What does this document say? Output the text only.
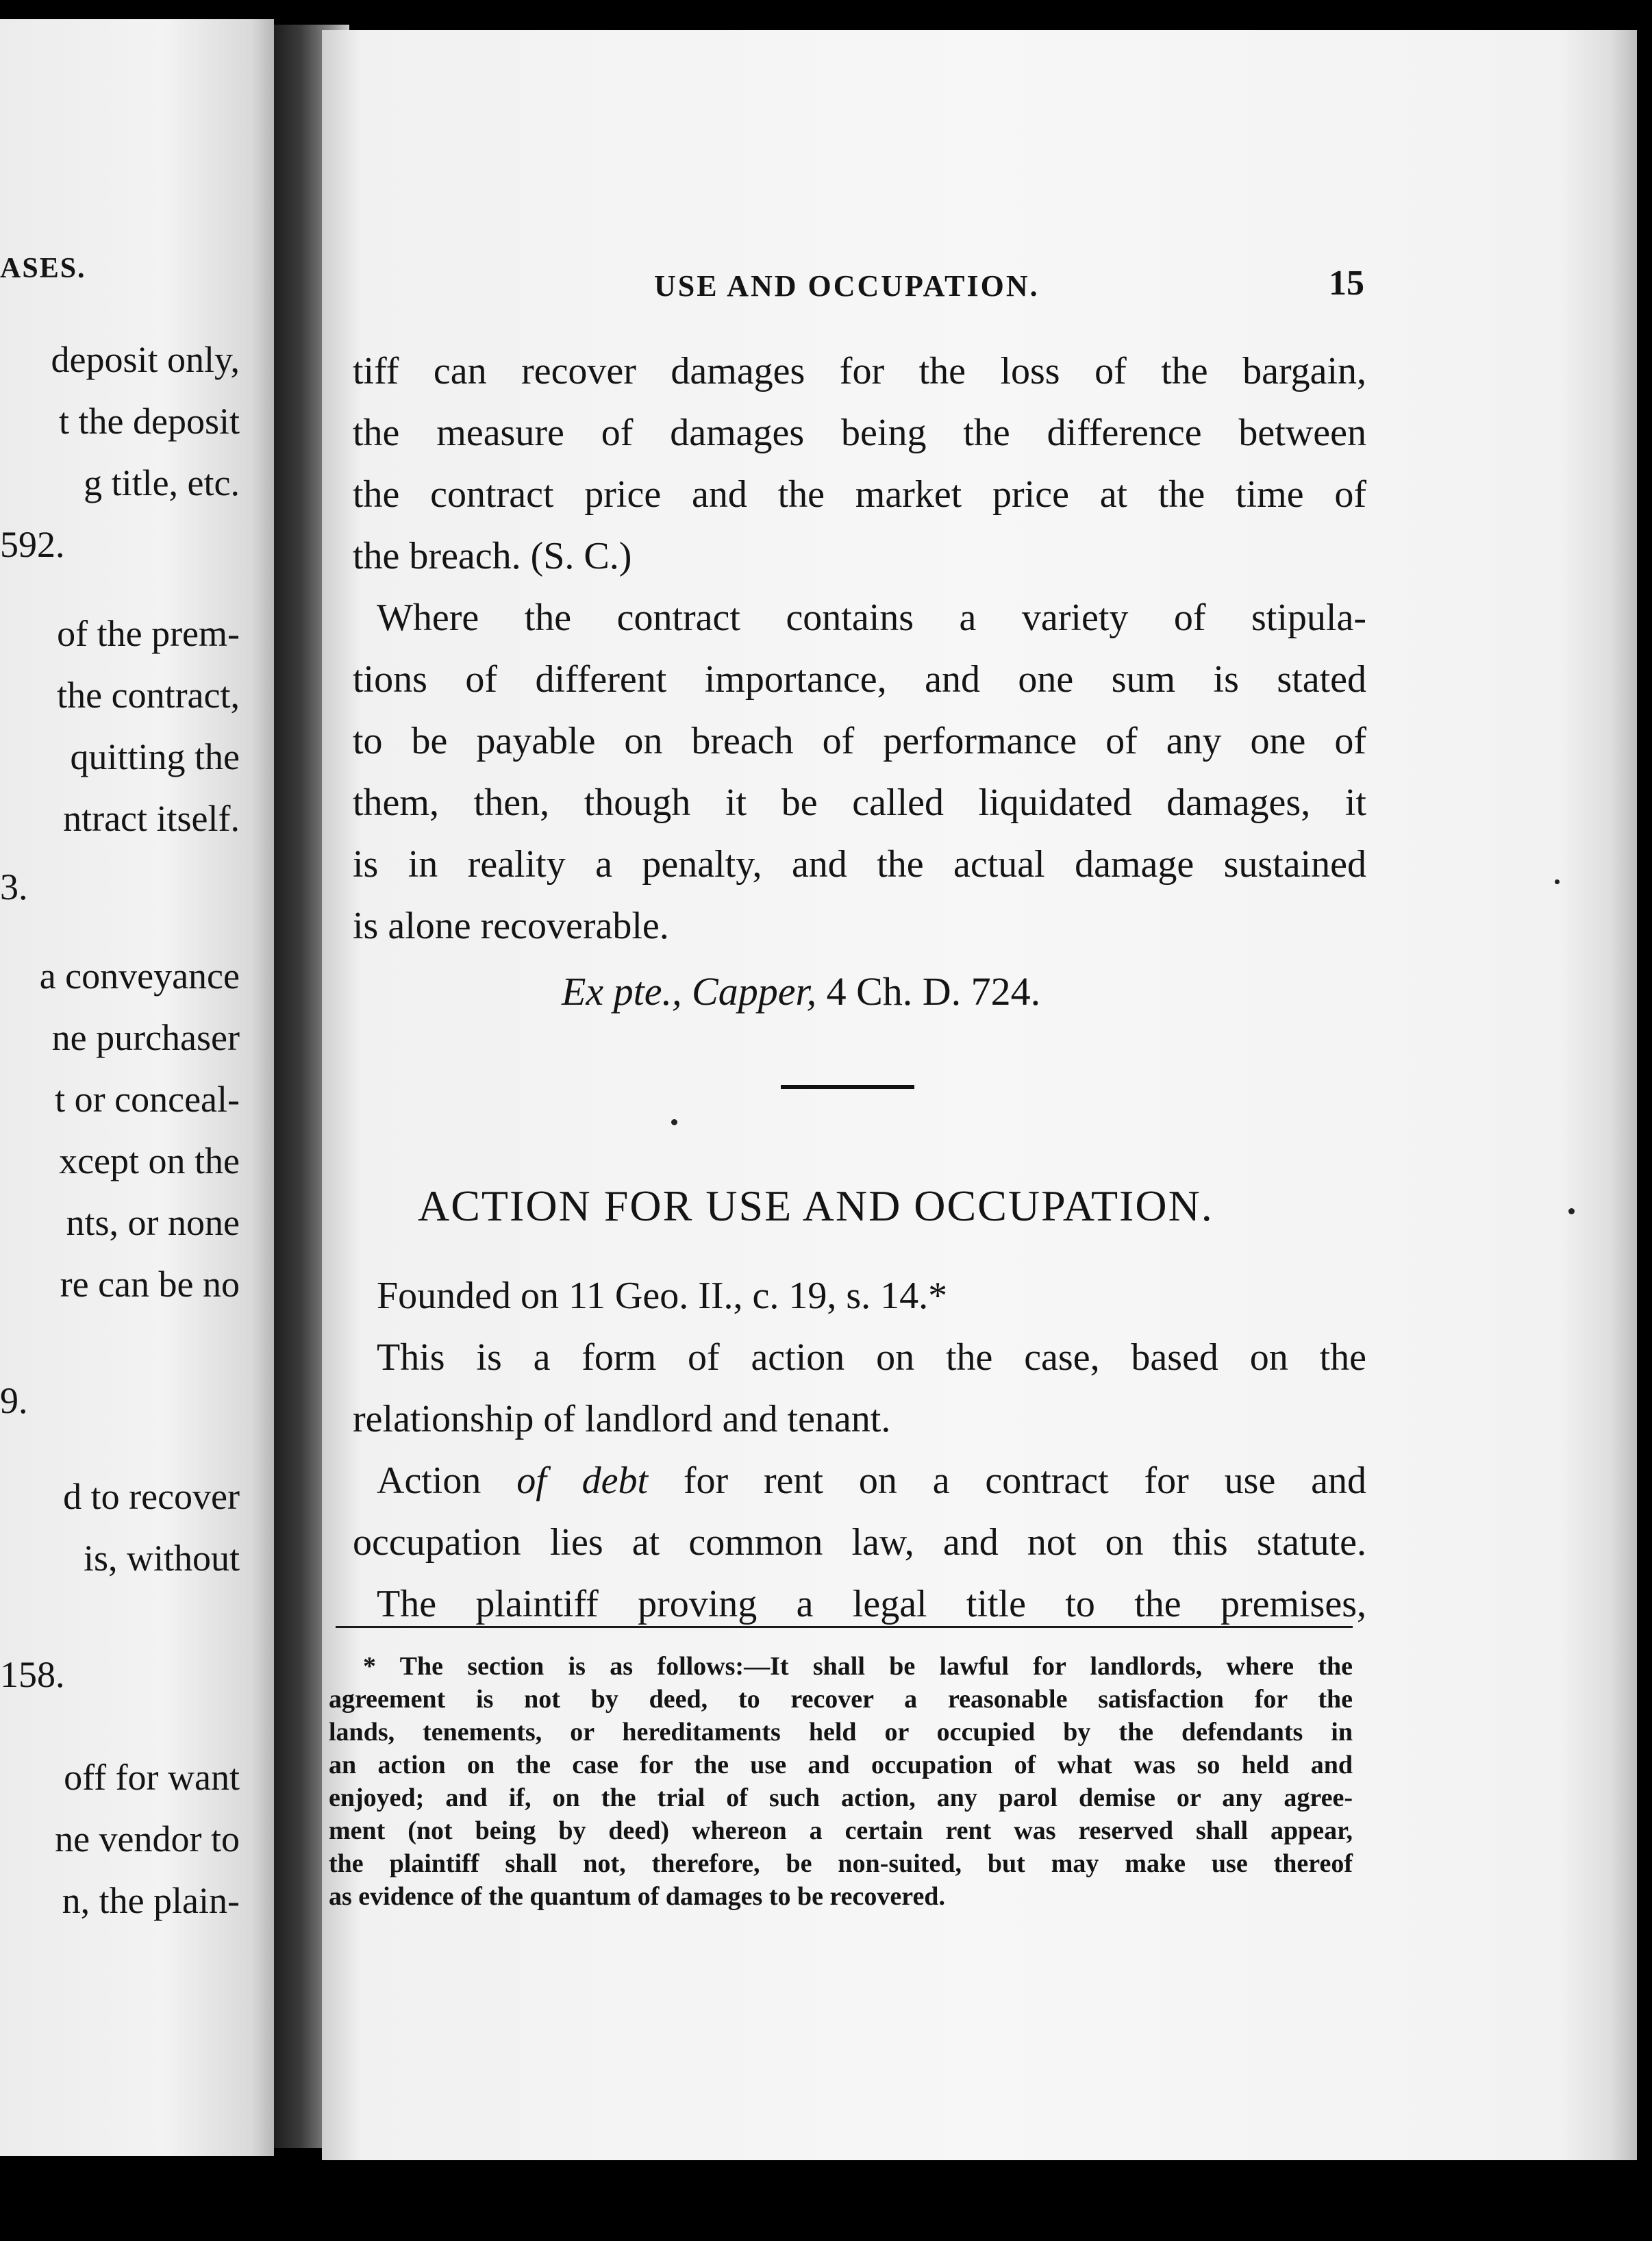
ASES.
deposit only,
t the deposit
g title, etc.
592.
of the prem-
the contract,
quitting the
ntract itself.
3.
a conveyance
ne purchaser
t or conceal-
xcept on the
nts, or none
re can be no
9.
d to recover
is, without
158.
off for want
ne vendor to
n, the plain-
USE AND OCCUPATION.	15
tiff can recover damages for the loss of the bargain,
the measure of damages being the difference between
the contract price and the market price at the time of
the breach. (S. C.)
Where the contract contains a variety of stipula-
tions of different importance, and one sum is stated
to be payable on breach of performance of any one of
them, then, though it be called liquidated damages, it
is in reality a penalty, and the actual damage sustained
is alone recoverable.
Ex pte., Capper, 4 Ch. D. 724.
ACTION FOR USE AND OCCUPATION.
Founded on 11 Geo. II., c. 19, s. 14.*
This is a form of action on the case, based on the
relationship of landlord and tenant.
Action of debt for rent on a contract for use and
occupation lies at common law, and not on this statute.
The plaintiff proving a legal title to the premises,
* The section is as follows:—It shall be lawful for landlords, where the
agreement is not by deed, to recover a reasonable satisfaction for the
lands, tenements, or hereditaments held or occupied by the defendants in
an action on the case for the use and occupation of what was so held and
enjoyed; and if, on the trial of such action, any parol demise or any agree-
ment (not being by deed) whereon a certain rent was reserved shall appear,
the plaintiff shall not, therefore, be non-suited, but may make use thereof
as evidence of the quantum of damages to be recovered.
